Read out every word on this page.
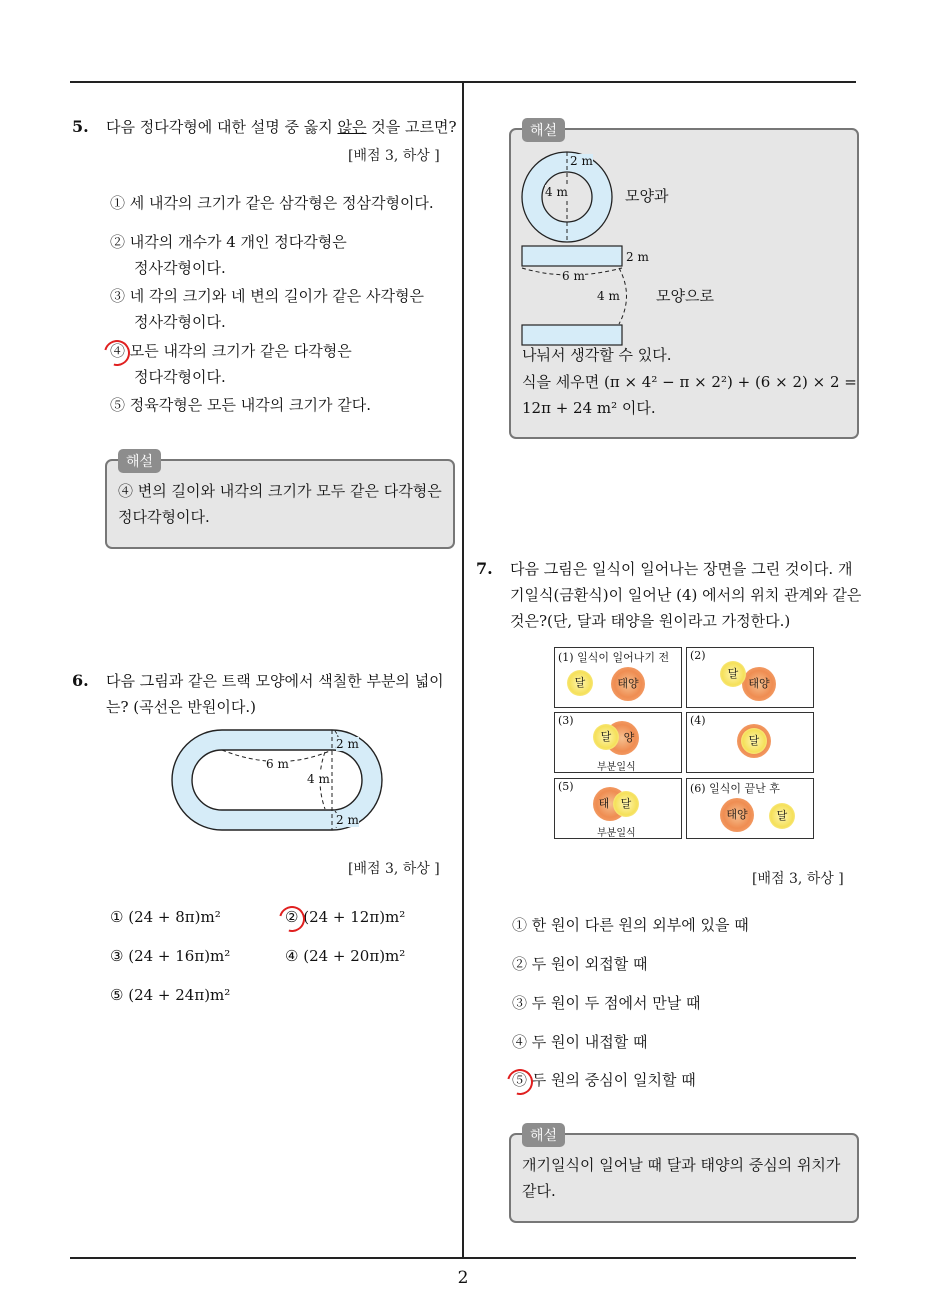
2
5. 다음 정다각형에 대한 설명 중 옳지 않은 것을 고르면?
[배점 3, 하상 ]
① 세 내각의 크기가 같은 삼각형은 정삼각형이다.
② 내각의 개수가 4 개인 정다각형은
정사각형이다.
③ 네 각의 크기와 네 변의 길이가 같은 사각형은
정사각형이다.
④ 모든 내각의 크기가 같은 다각형은
정다각형이다.
⑤ 정육각형은 모든 내각의 크기가 같다.
해설
④ 변의 길이와 내각의 크기가 모두 같은 다각형은
정다각형이다.
6. 다음 그림과 같은 트랙 모양에서 색칠한 부분의 넓이
는? (곡선은 반원이다.)
2 m
6 m
4 m
2 m
[배점 3, 하상 ]
① (24 + 8π)m²	② (24 + 12π)m²
③ (24 + 16π)m²	④ (24 + 20π)m²
⑤ (24 + 24π)m²
해설
2 m
4 m	모양과
2 m
6 m
4 m 모양으로
나눠서 생각할 수 있다.
식을 세우면 (π × 4² − π × 2²) + (6 × 2) × 2 =
12π + 24 m² 이다.
7. 다음 그림은 일식이 일어나는 장면을 그린 것이다. 개
기일식(금환식)이 일어난 (4) 에서의 위치 관계와 같은
것은?(단, 달과 태양을 원이라고 가정한다.)
(1) 일식이 일어나기 전
달	태양
(2)
태양
달
(3)
양
달
부분일식
달
(4)
(5)
태	달
부분일식
(6) 일식이 끝난 후
태양	달
[배점 3, 하상 ]
① 한 원이 다른 원의 외부에 있을 때
② 두 원이 외접할 때
③ 두 원이 두 점에서 만날 때
④ 두 원이 내접할 때
⑤ 두 원의 중심이 일치할 때
해설
개기일식이 일어날 때 달과 태양의 중심의 위치가
같다.
